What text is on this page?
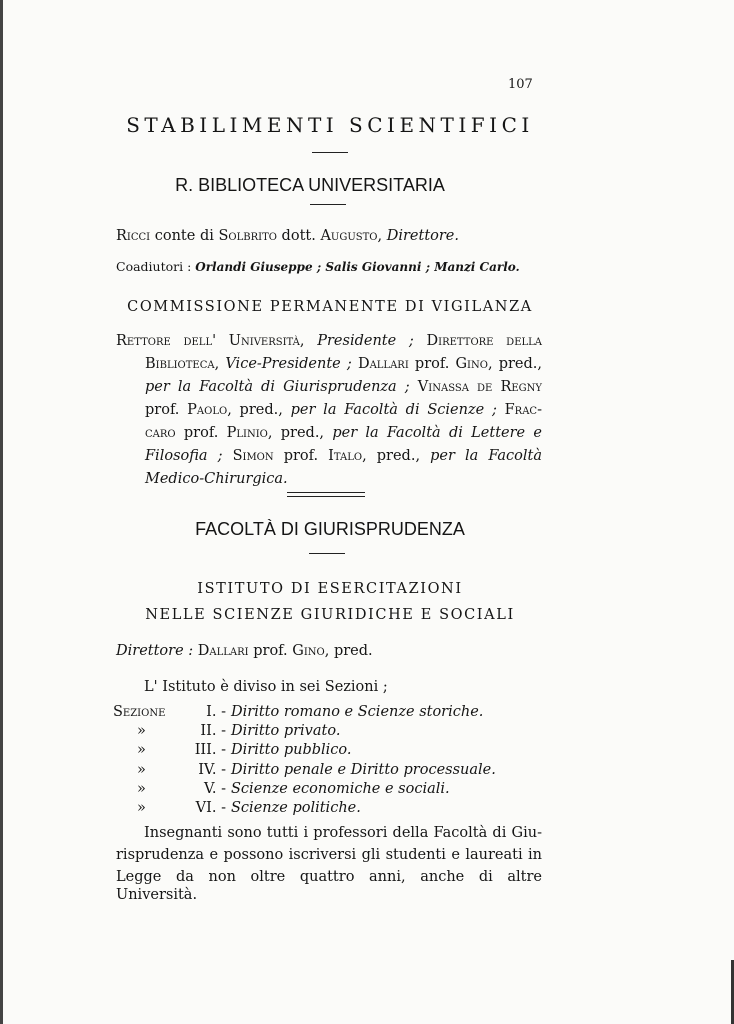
107
STABILIMENTI SCIENTIFICI
R. BIBLIOTECA UNIVERSITARIA
Ricci conte di Solbrito dott. Augusto, Direttore.
Coadiutori : Orlandi Giuseppe ; Salis Giovanni ; Manzi Carlo.
COMMISSIONE PERMANENTE DI VIGILANZA
Rettore dell' Università, Presidente ; Direttore della
Biblioteca, Vice-Presidente ; Dallari prof. Gino, pred.,
per la Facoltà di Giurisprudenza ; Vinassa de Regny
prof. Paolo, pred., per la Facoltà di Scienze ; Frac-
caro prof. Plinio, pred., per la Facoltà di Lettere e
Filosofia ; Simon prof. Italo, pred., per la Facoltà
Medico-Chirurgica.
FACOLTÀ DI GIURISPRUDENZA
ISTITUTO DI ESERCITAZIONI
NELLE SCIENZE GIURIDICHE E SOCIALI
Direttore : Dallari prof. Gino, pred.
L' Istituto è diviso in sei Sezioni ;
Sezione	I. - Diritto romano e Scienze storiche.
»	II. - Diritto privato.
»	III. - Diritto pubblico.
»	IV. - Diritto penale e Diritto processuale.
»	V. - Scienze economiche e sociali.
»	VI. - Scienze politiche.
Insegnanti sono tutti i professori della Facoltà di Giu-
risprudenza e possono iscriversi gli studenti e laureati in
Legge da non oltre quattro anni, anche di altre Università.
